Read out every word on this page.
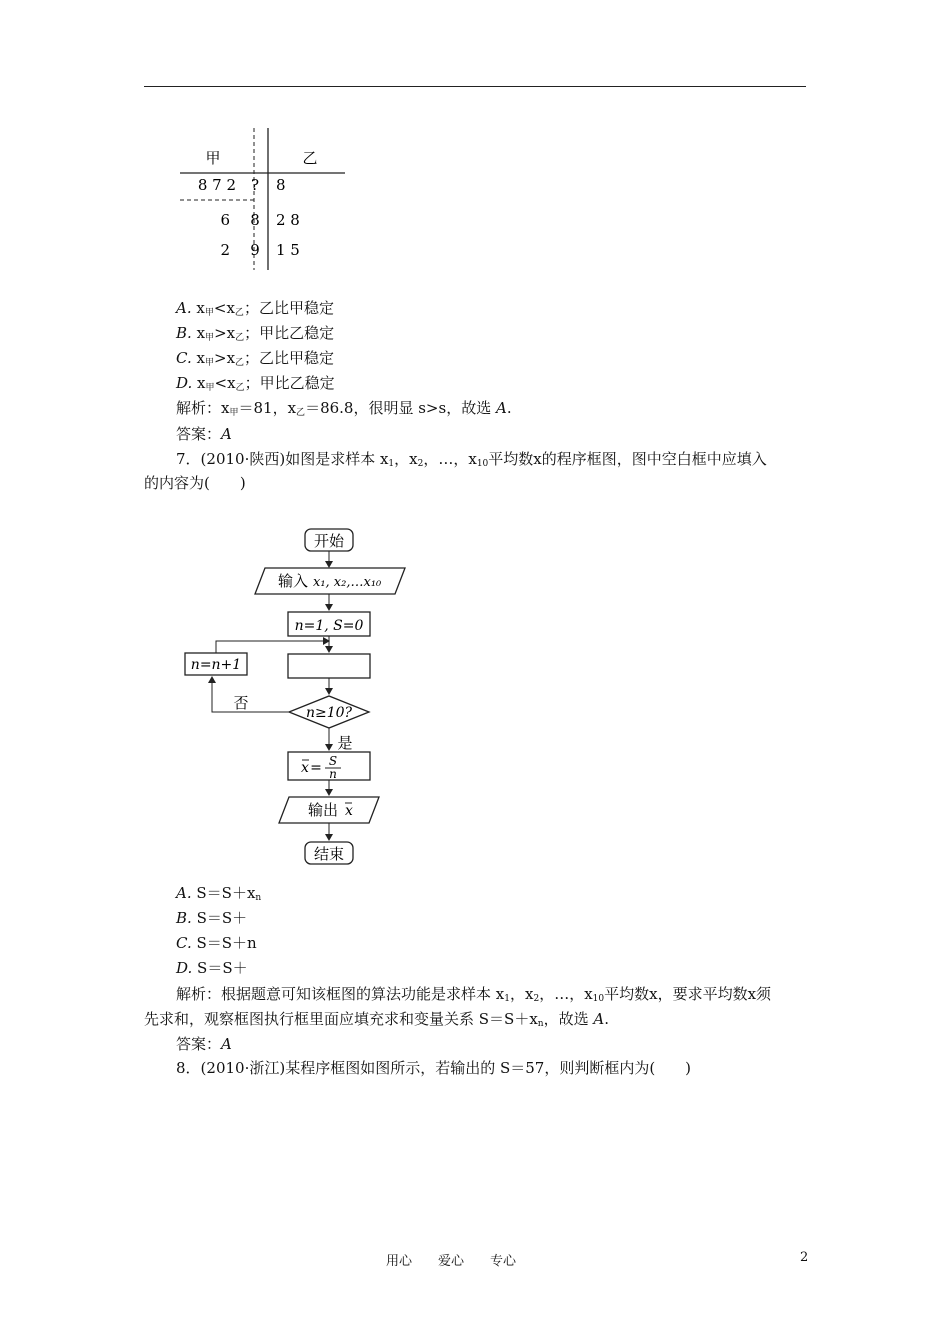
甲	乙
8 7 2 ? 8
6 8 2 8
2 9 1 5
A. $x_甲<x_乙$；乙比甲稳定
B. $x_甲>x_乙$；甲比乙稳定
C. $x_甲>x_乙$；乙比甲稳定
D. $x_甲<x_乙$；甲比乙稳定
解析：$x_甲=81$，$x_乙=86.8$，很明显 s>s，故选 A.
答案：A
7．(2010·陕西)如图是求样本 $x_1$，$x_2$，…，$x_{10}$平均数x的程序框图，图中空白框中应填入
的内容为(　　)
开始
输入 x₁, x₂,…x₁₀
n=1, S=0
n≥10?
否
n=n+1
是
x = S
n
输出 x
结束
A. $S=S+x_n$
B. S＝S＋
C. S＝S＋n
D. S＝S＋
解析：根据题意可知该框图的算法功能是求样本 $x_1$，$x_2$，…，$x_{10}$平均数x，要求平均数x须
先求和，观察框图执行框里面应填充求和变量关系 $S=S+x_n$，故选 A.
答案：A
8．(2010·浙江)某程序框图如图所示，若输出的 S＝57，则判断框内为(　　)
用心　　爱心　　专心	2
